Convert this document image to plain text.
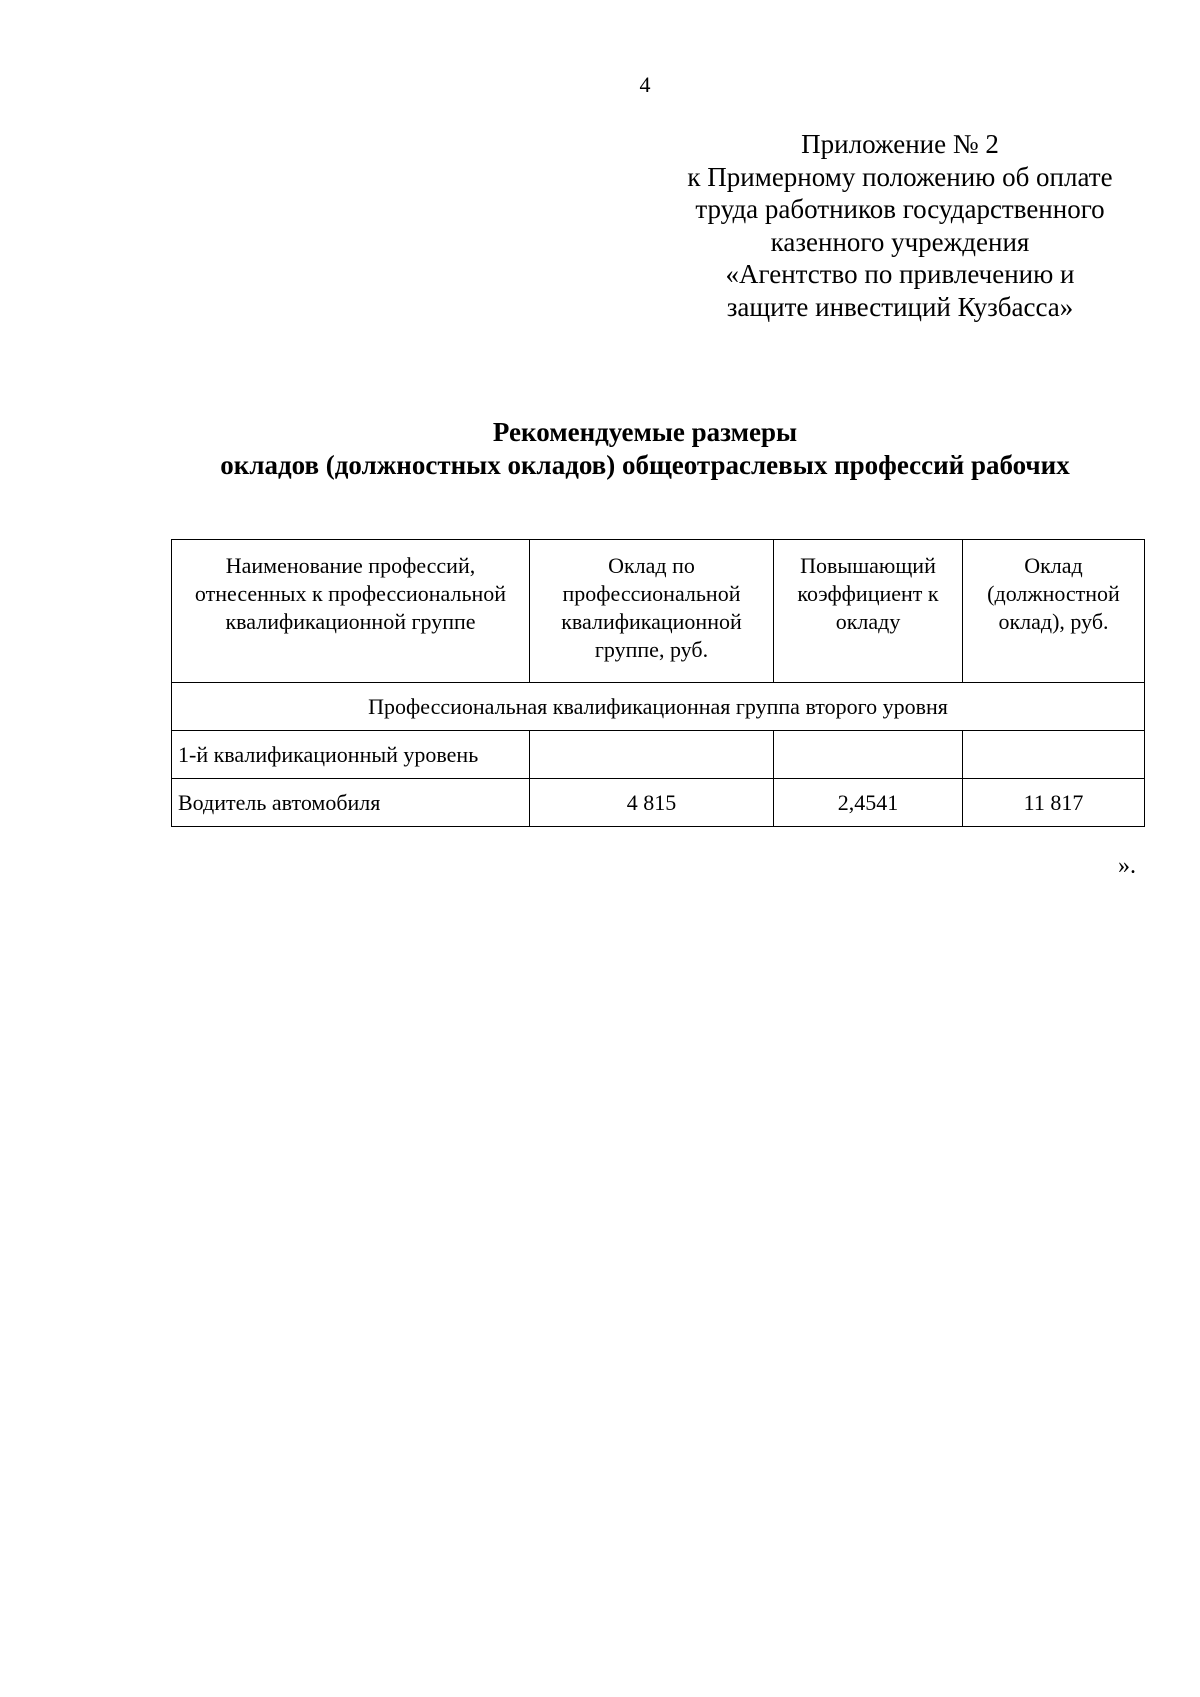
4
Приложение № 2
к Примерному положению об оплате
труда работников государственного
казенного учреждения
«Агентство по привлечению и
защите инвестиций Кузбасса»
Рекомендуемые размеры
окладов (должностных окладов) общеотраслевых профессий рабочих
Наименование профессий, отнесенных к профессиональной квалификационной группе	Оклад по профессиональной квалификационной группе, руб.	Повышающий коэффициент к окладу	Оклад (должностной оклад), руб.
Профессиональная квалификационная группа второго уровня			
1-й квалификационный уровень			
Водитель автомобиля	4 815	2,4541	11 817
».
